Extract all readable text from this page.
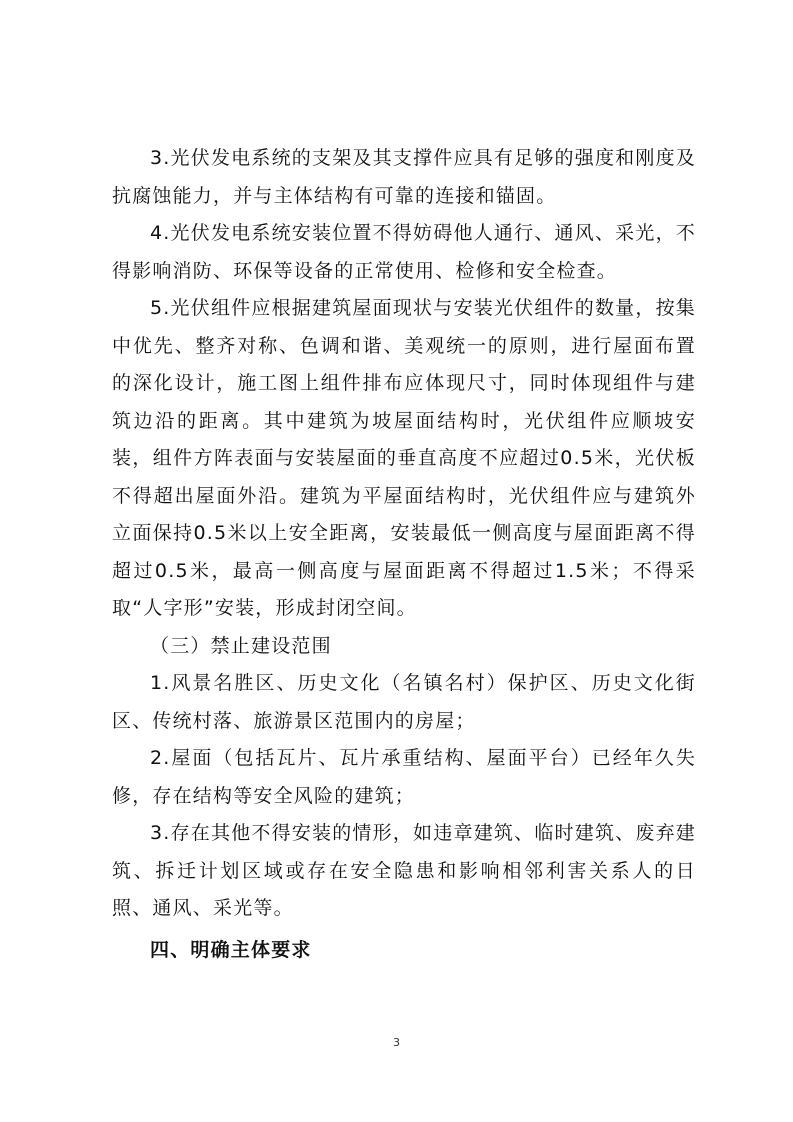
3.光伏发电系统的支架及其支撑件应具有足够的强度和刚度及抗腐蚀能力，并与主体结构有可靠的连接和锚固。

4.光伏发电系统安装位置不得妨碍他人通行、通风、采光，不得影响消防、环保等设备的正常使用、检修和安全检查。

5.光伏组件应根据建筑屋面现状与安装光伏组件的数量，按集中优先、整齐对称、色调和谐、美观统一的原则，进行屋面布置的深化设计，施工图上组件排布应体现尺寸，同时体现组件与建筑边沿的距离。其中建筑为坡屋面结构时，光伏组件应顺坡安装，组件方阵表面与安装屋面的垂直高度不应超过0.5米，光伏板不得超出屋面外沿。建筑为平屋面结构时，光伏组件应与建筑外立面保持0.5米以上安全距离，安装最低一侧高度与屋面距离不得超过0.5米，最高一侧高度与屋面距离不得超过1.5米；不得采取“人字形”安装，形成封闭空间。

（三）禁止建设范围

1.风景名胜区、历史文化（名镇名村）保护区、历史文化街区、传统村落、旅游景区范围内的房屋；

2.屋面（包括瓦片、瓦片承重结构、屋面平台）已经年久失修，存在结构等安全风险的建筑；

3.存在其他不得安装的情形，如违章建筑、临时建筑、废弃建筑、拆迁计划区域或存在安全隐患和影响相邻利害关系人的日照、通风、采光等。

四、明确主体要求

3
